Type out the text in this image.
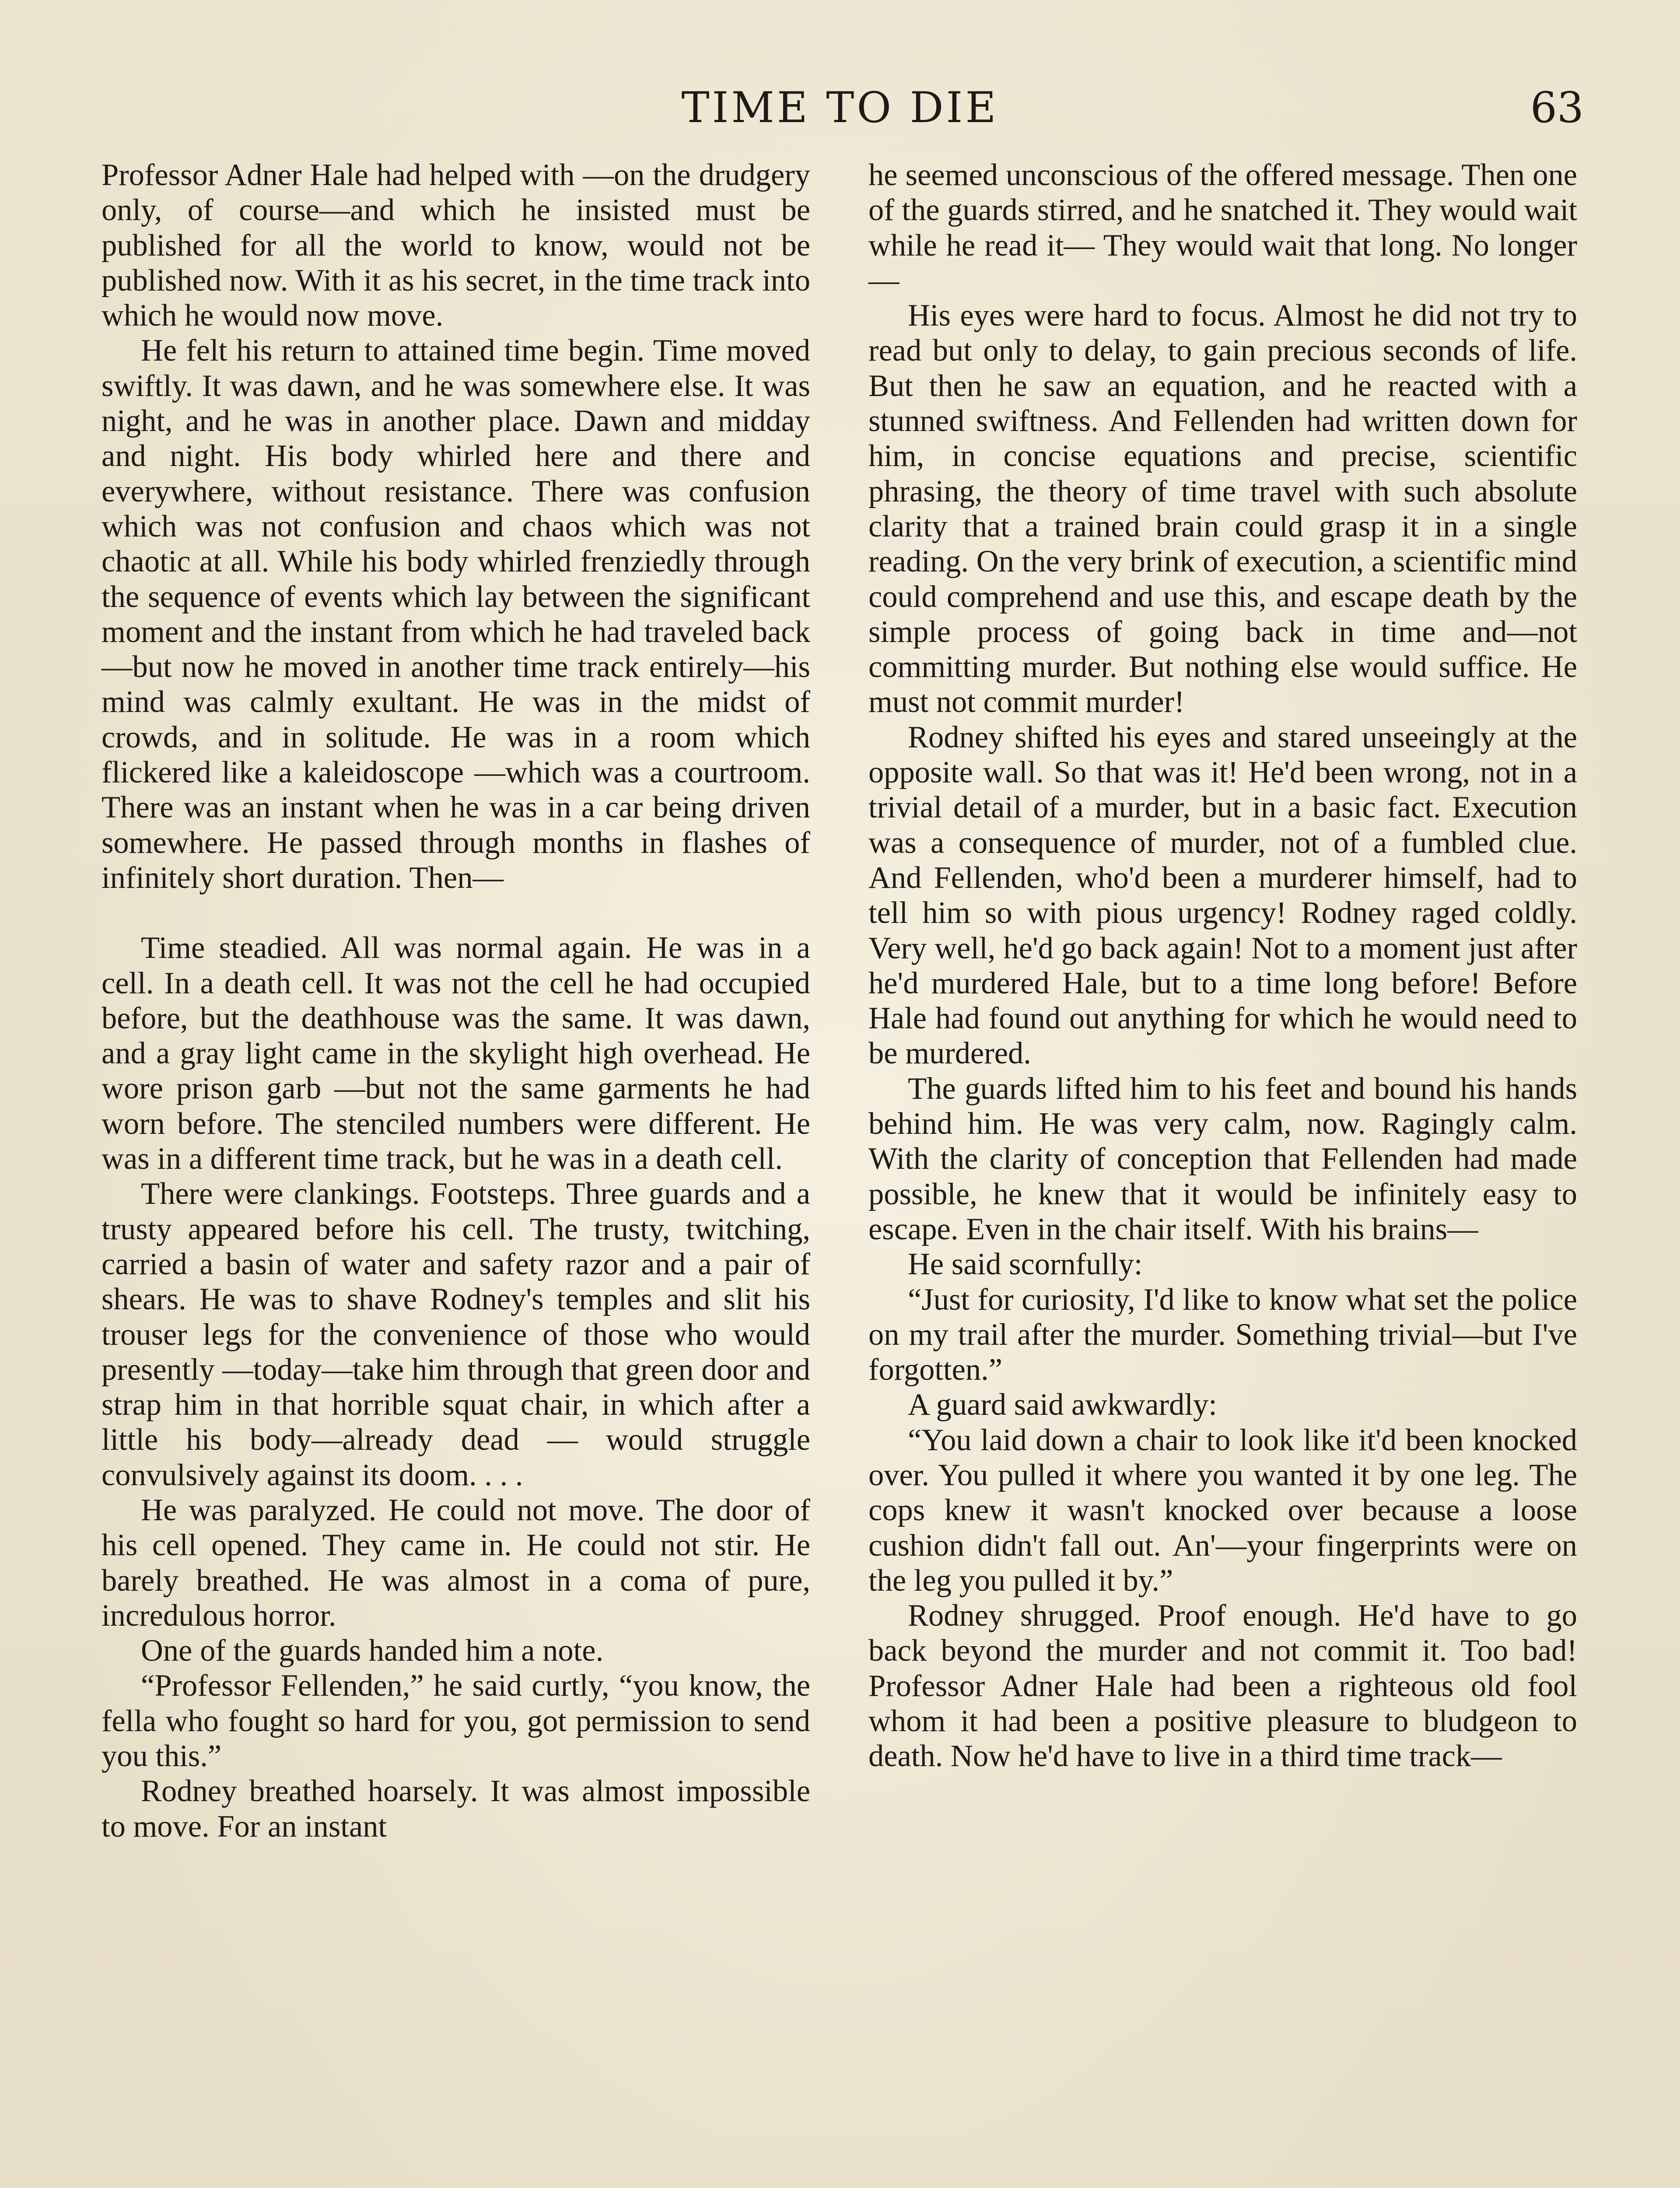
TIME TO DIE	63

Professor Adner Hale had helped with —on the drudgery only, of course—and which he insisted must be published for all the world to know, would not be published now. With it as his secret, in the time track into which he would now move.

He felt his return to attained time begin. Time moved swiftly. It was dawn, and he was somewhere else. It was night, and he was in another place. Dawn and midday and night. His body whirled here and there and everywhere, without resistance. There was confusion which was not confusion and chaos which was not chaotic at all. While his body whirled frenziedly through the sequence of events which lay between the significant moment and the instant from which he had traveled back—but now he moved in another time track entirely—his mind was calmly exultant. He was in the midst of crowds, and in solitude. He was in a room which flickered like a kaleidoscope —which was a courtroom. There was an instant when he was in a car being driven somewhere. He passed through months in flashes of infinitely short duration. Then—

Time steadied. All was normal again. He was in a cell. In a death cell. It was not the cell he had occupied before, but the deathhouse was the same. It was dawn, and a gray light came in the skylight high overhead. He wore prison garb —but not the same garments he had worn before. The stenciled numbers were different. He was in a different time track, but he was in a death cell.

There were clankings. Footsteps. Three guards and a trusty appeared before his cell. The trusty, twitching, carried a basin of water and safety razor and a pair of shears. He was to shave Rodney's temples and slit his trouser legs for the convenience of those who would presently —today—take him through that green door and strap him in that horrible squat chair, in which after a little his body—already dead — would struggle convulsively against its doom. . . .

He was paralyzed. He could not move. The door of his cell opened. They came in. He could not stir. He barely breathed. He was almost in a coma of pure, incredulous horror.

One of the guards handed him a note.

“Professor Fellenden,” he said curtly, “you know, the fella who fought so hard for you, got permission to send you this.”

Rodney breathed hoarsely. It was almost impossible to move. For an instant

he seemed unconscious of the offered message. Then one of the guards stirred, and he snatched it. They would wait while he read it— They would wait that long. No longer—

His eyes were hard to focus. Almost he did not try to read but only to delay, to gain precious seconds of life. But then he saw an equation, and he reacted with a stunned swiftness. And Fellenden had written down for him, in concise equations and precise, scientific phrasing, the theory of time travel with such absolute clarity that a trained brain could grasp it in a single reading. On the very brink of execution, a scientific mind could comprehend and use this, and escape death by the simple process of going back in time and—not committing murder. But nothing else would suffice. He must not commit murder!

Rodney shifted his eyes and stared unseeingly at the opposite wall. So that was it! He'd been wrong, not in a trivial detail of a murder, but in a basic fact. Execution was a consequence of murder, not of a fumbled clue. And Fellenden, who'd been a murderer himself, had to tell him so with pious urgency! Rodney raged coldly. Very well, he'd go back again! Not to a moment just after he'd murdered Hale, but to a time long before! Before Hale had found out anything for which he would need to be murdered.

The guards lifted him to his feet and bound his hands behind him. He was very calm, now. Ragingly calm. With the clarity of conception that Fellenden had made possible, he knew that it would be infinitely easy to escape. Even in the chair itself. With his brains—

He said scornfully:

“Just for curiosity, I'd like to know what set the police on my trail after the murder. Something trivial—but I've forgotten.”

A guard said awkwardly:

“You laid down a chair to look like it'd been knocked over. You pulled it where you wanted it by one leg. The cops knew it wasn't knocked over because a loose cushion didn't fall out. An'—your fingerprints were on the leg you pulled it by.”

Rodney shrugged. Proof enough. He'd have to go back beyond the murder and not commit it. Too bad! Professor Adner Hale had been a righteous old fool whom it had been a positive pleasure to bludgeon to death. Now he'd have to live in a third time track—
